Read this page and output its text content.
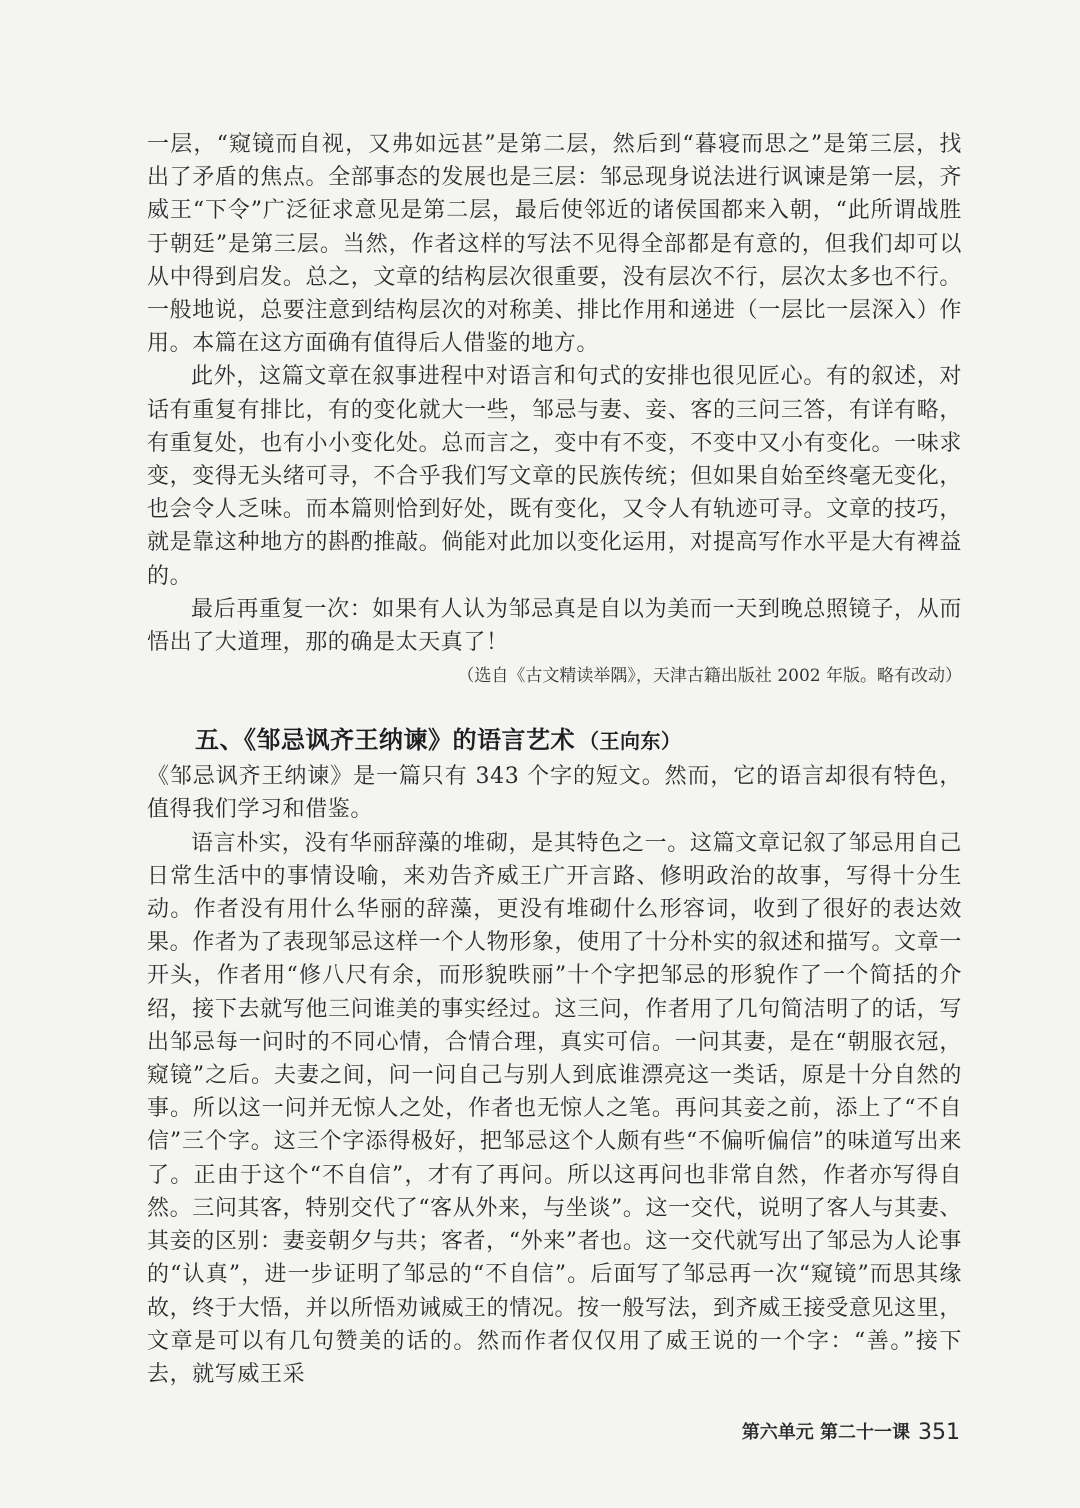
一层，“窥镜而自视，又弗如远甚”是第二层，然后到“暮寝而思之”是第三层，找出了矛盾的焦点。全部事态的发展也是三层：邹忌现身说法进行讽谏是第一层，齐威王“下令”广泛征求意见是第二层，最后使邻近的诸侯国都来入朝，“此所谓战胜于朝廷”是第三层。当然，作者这样的写法不见得全部都是有意的，但我们却可以从中得到启发。总之，文章的结构层次很重要，没有层次不行，层次太多也不行。一般地说，总要注意到结构层次的对称美、排比作用和递进（一层比一层深入）作用。本篇在这方面确有值得后人借鉴的地方。

此外，这篇文章在叙事进程中对语言和句式的安排也很见匠心。有的叙述，对话有重复有排比，有的变化就大一些，邹忌与妻、妾、客的三问三答，有详有略，有重复处，也有小小变化处。总而言之，变中有不变，不变中又小有变化。一味求变，变得无头绪可寻，不合乎我们写文章的民族传统；但如果自始至终毫无变化，也会令人乏味。而本篇则恰到好处，既有变化，又令人有轨迹可寻。文章的技巧，就是靠这种地方的斟酌推敲。倘能对此加以变化运用，对提高写作水平是大有裨益的。

最后再重复一次：如果有人认为邹忌真是自以为美而一天到晚总照镜子，从而悟出了大道理，那的确是太天真了！

（选自《古文精读举隅》，天津古籍出版社 2002 年版。略有改动）

五、《邹忌讽齐王纳谏》的语言艺术 （王向东）

《邹忌讽齐王纳谏》是一篇只有 343 个字的短文。然而，它的语言却很有特色，值得我们学习和借鉴。

语言朴实，没有华丽辞藻的堆砌，是其特色之一。这篇文章记叙了邹忌用自己日常生活中的事情设喻，来劝告齐威王广开言路、修明政治的故事，写得十分生动。作者没有用什么华丽的辞藻，更没有堆砌什么形容词，收到了很好的表达效果。作者为了表现邹忌这样一个人物形象，使用了十分朴实的叙述和描写。文章一开头，作者用“修八尺有余，而形貌昳丽”十个字把邹忌的形貌作了一个简括的介绍，接下去就写他三问谁美的事实经过。这三问，作者用了几句简洁明了的话，写出邹忌每一问时的不同心情，合情合理，真实可信。一问其妻，是在“朝服衣冠，窥镜”之后。夫妻之间，问一问自己与别人到底谁漂亮这一类话，原是十分自然的事。所以这一问并无惊人之处，作者也无惊人之笔。再问其妾之前，添上了“不自信”三个字。这三个字添得极好，把邹忌这个人颇有些“不偏听偏信”的味道写出来了。正由于这个“不自信”，才有了再问。所以这再问也非常自然，作者亦写得自然。三问其客，特别交代了“客从外来，与坐谈”。这一交代，说明了客人与其妻、其妾的区别：妻妾朝夕与共；客者，“外来”者也。这一交代就写出了邹忌为人论事的“认真”，进一步证明了邹忌的“不自信”。后面写了邹忌再一次“窥镜”而思其缘故，终于大悟，并以所悟劝诫威王的情况。按一般写法，到齐威王接受意见这里，文章是可以有几句赞美的话的。然而作者仅仅用了威王说的一个字：“善。”接下去，就写威王采

第六单元 第二十一课 351
